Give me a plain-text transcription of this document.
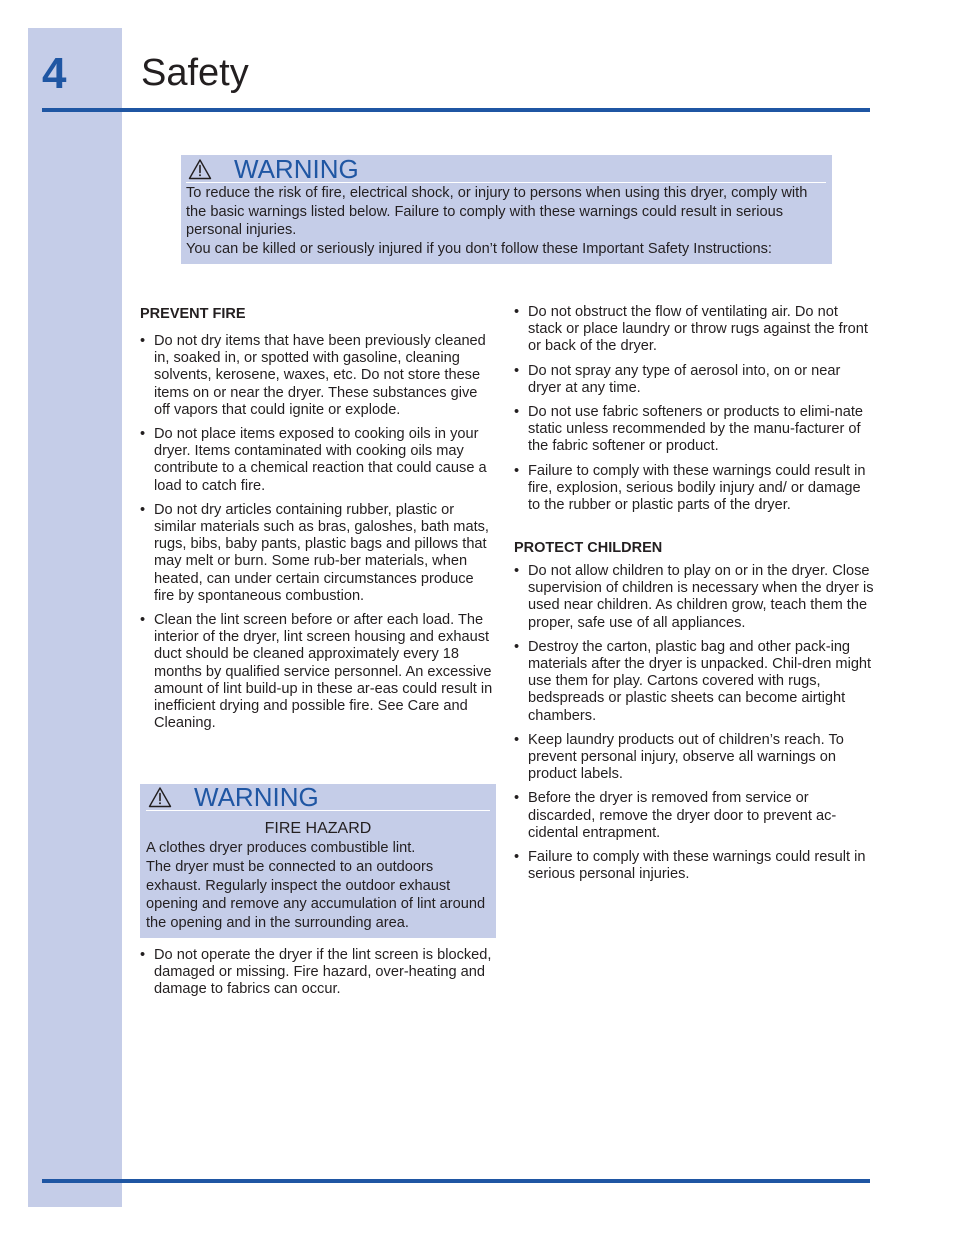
4 Safety
WARNING

To reduce the risk of fire, electrical shock, or injury to persons when using this dryer, comply with the basic warnings listed below. Failure to comply with these warnings could result in serious personal injuries.

You can be killed or seriously injured if you don’t follow these Important Safety Instructions:

PREVENT FIRE
• Do not dry items that have been previously cleaned in, soaked in, or spotted with gasoline, cleaning solvents, kerosene, waxes, etc. Do not store these items on or near the dryer. These substances give off vapors that could ignite or explode.
• Do not place items exposed to cooking oils in your dryer. Items contaminated with cooking oils may contribute to a chemical reaction that could cause a load to catch fire.
• Do not dry articles containing rubber, plastic or similar materials such as bras, galoshes, bath mats, rugs, bibs, baby pants, plastic bags and pillows that may melt or burn. Some rub-ber materials, when heated, can under certain circumstances produce fire by spontaneous combustion.
• Clean the lint screen before or after each load. The interior of the dryer, lint screen housing and exhaust duct should be cleaned approximately every 18 months by qualified service personnel. An excessive amount of lint build-up in these ar-eas could result in inefficient drying and possible fire. See Care and Cleaning.
WARNING
FIRE HAZARD

A clothes dryer produces combustible lint.

The dryer must be connected to an outdoors exhaust. Regularly inspect the outdoor exhaust opening and remove any accumulation of lint around the opening and in the surrounding area.

• Do not operate the dryer if the lint screen is blocked, damaged or missing. Fire hazard, over-heating and damage to fabrics can occur.
• Do not obstruct the flow of ventilating air. Do not stack or place laundry or throw rugs against the front or back of the dryer.
• Do not spray any type of aerosol into, on or near dryer at any time.
• Do not use fabric softeners or products to elimi-nate static unless recommended by the manu-facturer of the fabric softener or product.
• Failure to comply with these warnings could result in fire, explosion, serious bodily injury and/ or damage to the rubber or plastic parts of the dryer.
PROTECT CHILDREN
• Do not allow children to play on or in the dryer. Close supervision of children is necessary when the dryer is used near children. As children grow, teach them the proper, safe use of all appliances.
• Destroy the carton, plastic bag and other pack-ing materials after the dryer is unpacked. Chil-dren might use them for play. Cartons covered with rugs, bedspreads or plastic sheets can become airtight chambers.
• Keep laundry products out of children’s reach. To prevent personal injury, observe all warnings on product labels.
• Before the dryer is removed from service or discarded, remove the dryer door to prevent ac-cidental entrapment.
• Failure to comply with these warnings could result in serious personal injuries.
